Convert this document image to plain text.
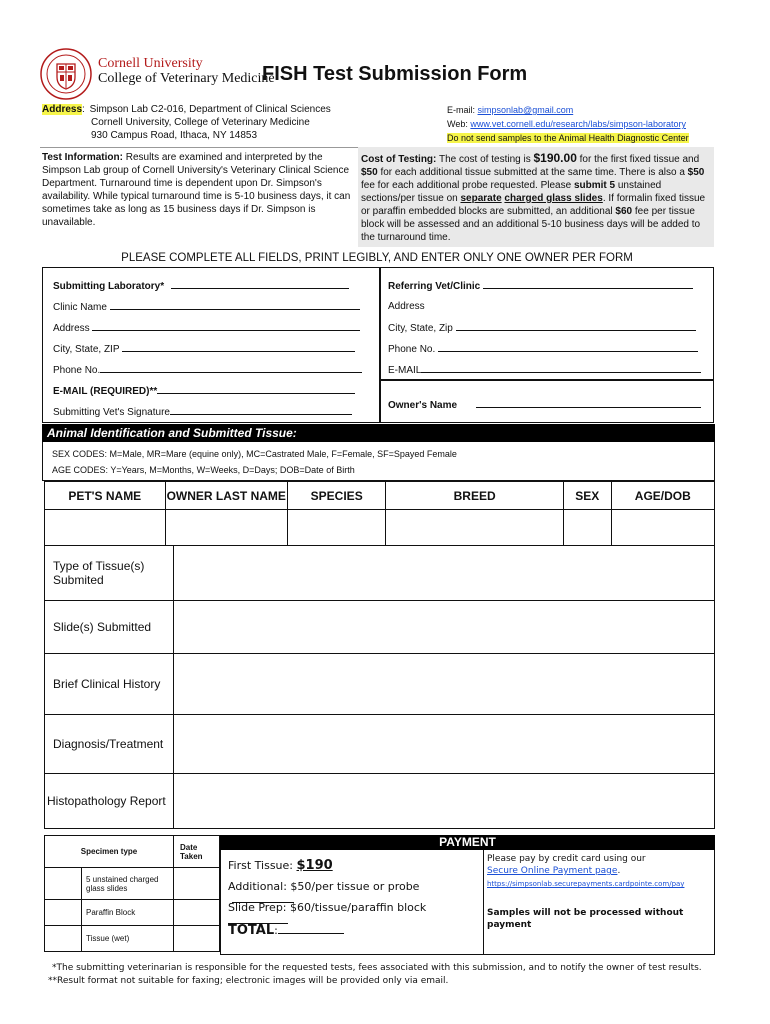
Cornell University
College of Veterinary Medicine
FISH Test Submission Form
Address: Simpson Lab C2-016, Department of Clinical Sciences
Cornell University, College of Veterinary Medicine
930 Campus Road, Ithaca, NY 14853
E-mail: simpsonlab@gmail.com
Web: www.vet.cornell.edu/research/labs/simpson-laboratory
Do not send samples to the Animal Health Diagnostic Center
Test Information: Results are examined and interpreted by the Simpson Lab group of Cornell University's Veterinary Clinical Science Department. Turnaround time is dependent upon Dr. Simpson's availability. While typical turnaround time is 5-10 business days, it can sometimes take as long as 15 business days if Dr. Simpson is unavailable.
Cost of Testing: The cost of testing is $190.00 for the first fixed tissue and $50 for each additional tissue submitted at the same time. There is also a $50 fee for each additional probe requested. Please submit 5 unstained sections/per tissue on separate charged glass slides. If formalin fixed tissue or paraffin embedded blocks are submitted, an additional $60 fee per tissue block will be assessed and an additional 5-10 business days will be added to the turnaround time.
PLEASE COMPLETE ALL FIELDS, PRINT LEGIBLY, AND ENTER ONLY ONE OWNER PER FORM
Submitting Laboratory*
Clinic Name
Address
City, State, ZIP
Phone No.
E-MAIL (REQUIRED)**
Submitting Vet's Signature
Referring Vet/Clinic
Address
City, State, Zip
Phone No.
E-MAIL
Owner's Name
Animal Identification and Submitted Tissue:
SEX CODES: M=Male, MR=Mare (equine only), MC=Castrated Male, F=Female, SF=Spayed Female
AGE CODES: Y=Years, M=Months, W=Weeks, D=Days; DOB=Date of Birth
PET'S NAME	OWNER LAST NAME	SPECIES	BREED	SEX	AGE/DOB

Type of Tissue(s) Submited	
Slide(s) Submitted	
Brief Clinical History	
Diagnosis/Treatment	
Histopathology Report	
Specimen type		Date Taken
	5 unstained charged glass slides	
	Paraffin Block	
	Tissue (wet)	
PAYMENT
First Tissue: $190
Additional: $50/per tissue or probe
Slide Prep: $60/tissue/paraffin block
TOTAL:
Please pay by credit card using our
Secure Online Payment page.
https://simpsonlab.securepayments.cardpointe.com/pay
Samples will not be processed without payment
*The submitting veterinarian is responsible for the requested tests, fees associated with this submission, and to notify the owner of test results.
**Result format not suitable for faxing; electronic images will be provided only via email.
